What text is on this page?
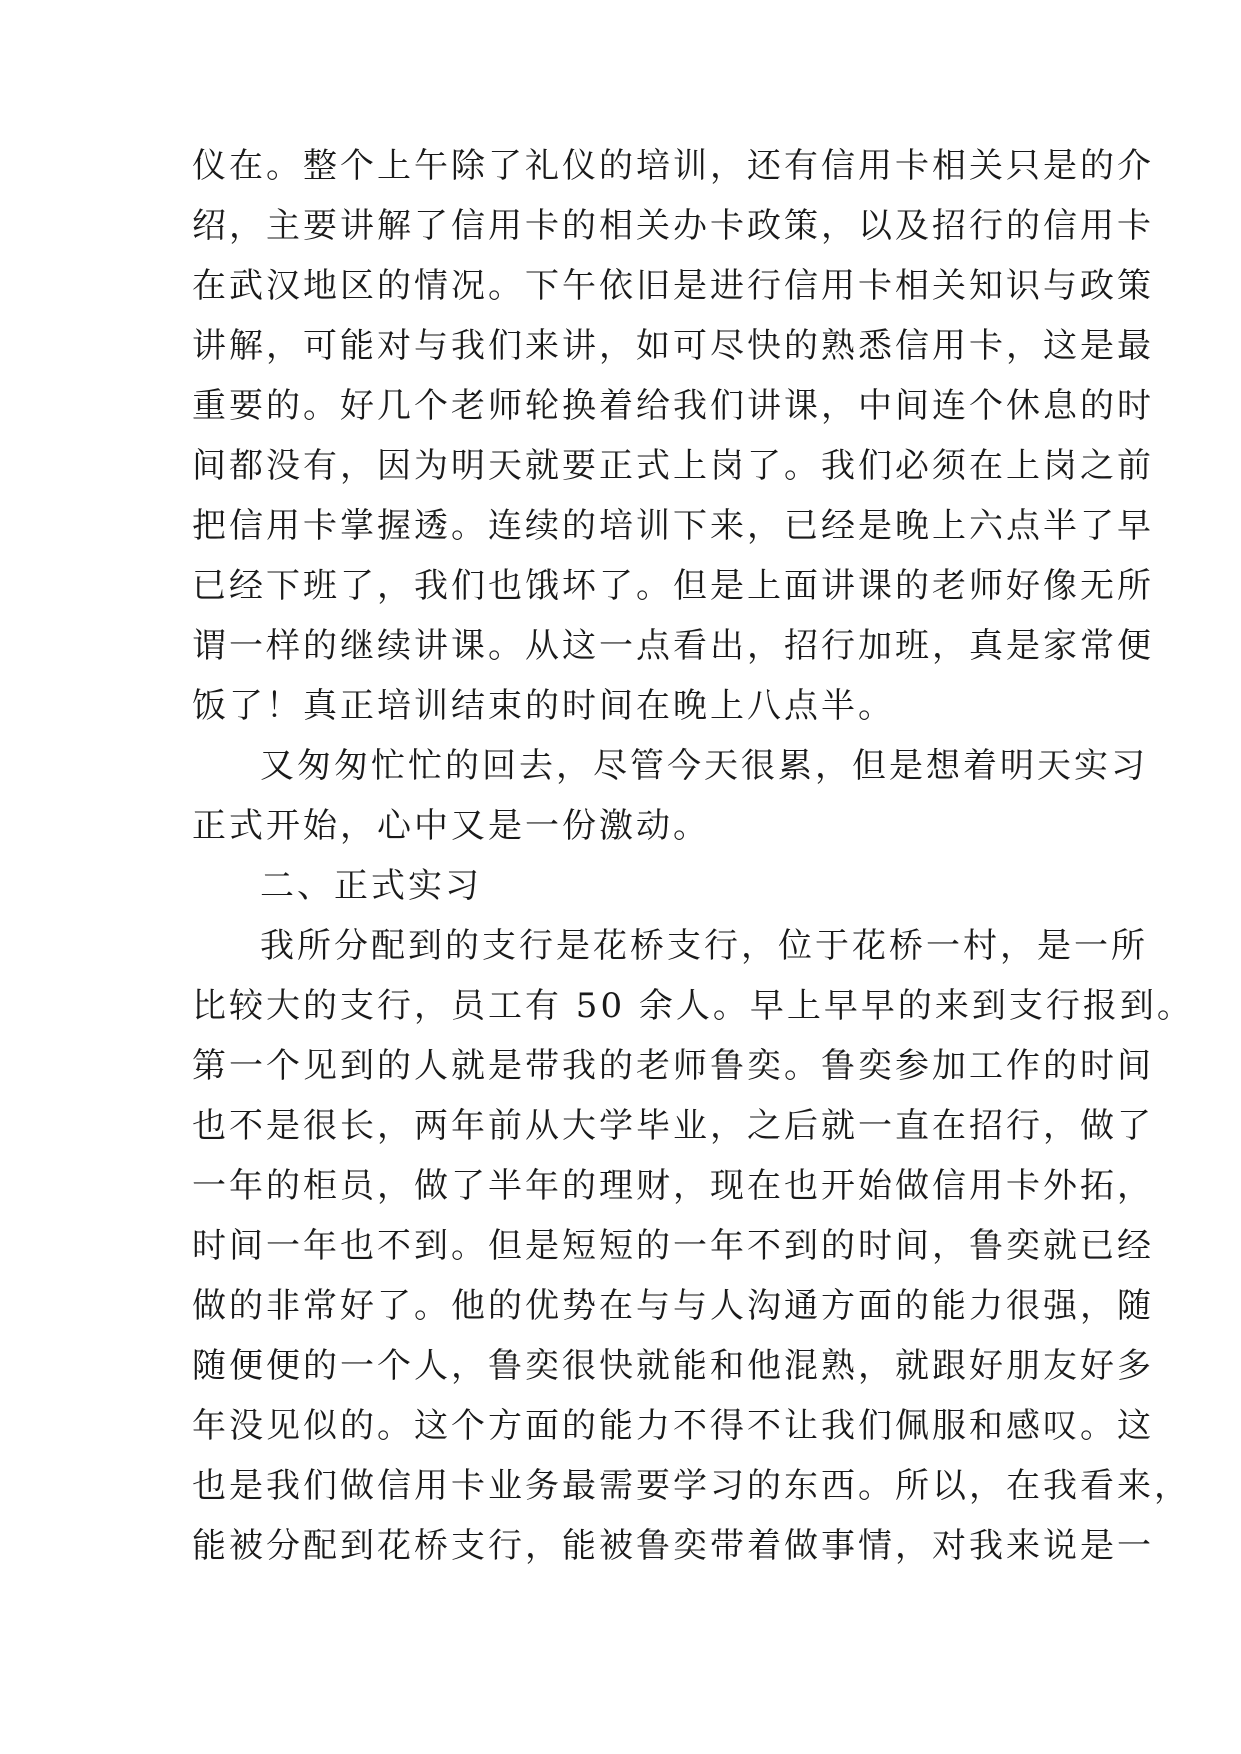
仪在。整个上午除了礼仪的培训，还有信用卡相关只是的介
绍，主要讲解了信用卡的相关办卡政策，以及招行的信用卡
在武汉地区的情况。下午依旧是进行信用卡相关知识与政策
讲解，可能对与我们来讲，如可尽快的熟悉信用卡，这是最
重要的。好几个老师轮换着给我们讲课，中间连个休息的时
间都没有，因为明天就要正式上岗了。我们必须在上岗之前
把信用卡掌握透。连续的培训下来，已经是晚上六点半了早
已经下班了，我们也饿坏了。但是上面讲课的老师好像无所
谓一样的继续讲课。从这一点看出，招行加班，真是家常便
饭了！真正培训结束的时间在晚上八点半。
又匆匆忙忙的回去，尽管今天很累，但是想着明天实习
正式开始，心中又是一份激动。
二、正式实习
我所分配到的支行是花桥支行，位于花桥一村，是一所
比较大的支行，员工有 50 余人。早上早早的来到支行报到。
第一个见到的人就是带我的老师鲁奕。鲁奕参加工作的时间
也不是很长，两年前从大学毕业，之后就一直在招行，做了
一年的柜员，做了半年的理财，现在也开始做信用卡外拓，
时间一年也不到。但是短短的一年不到的时间，鲁奕就已经
做的非常好了。他的优势在与与人沟通方面的能力很强，随
随便便的一个人，鲁奕很快就能和他混熟，就跟好朋友好多
年没见似的。这个方面的能力不得不让我们佩服和感叹。这
也是我们做信用卡业务最需要学习的东西。所以，在我看来，
能被分配到花桥支行，能被鲁奕带着做事情，对我来说是一
